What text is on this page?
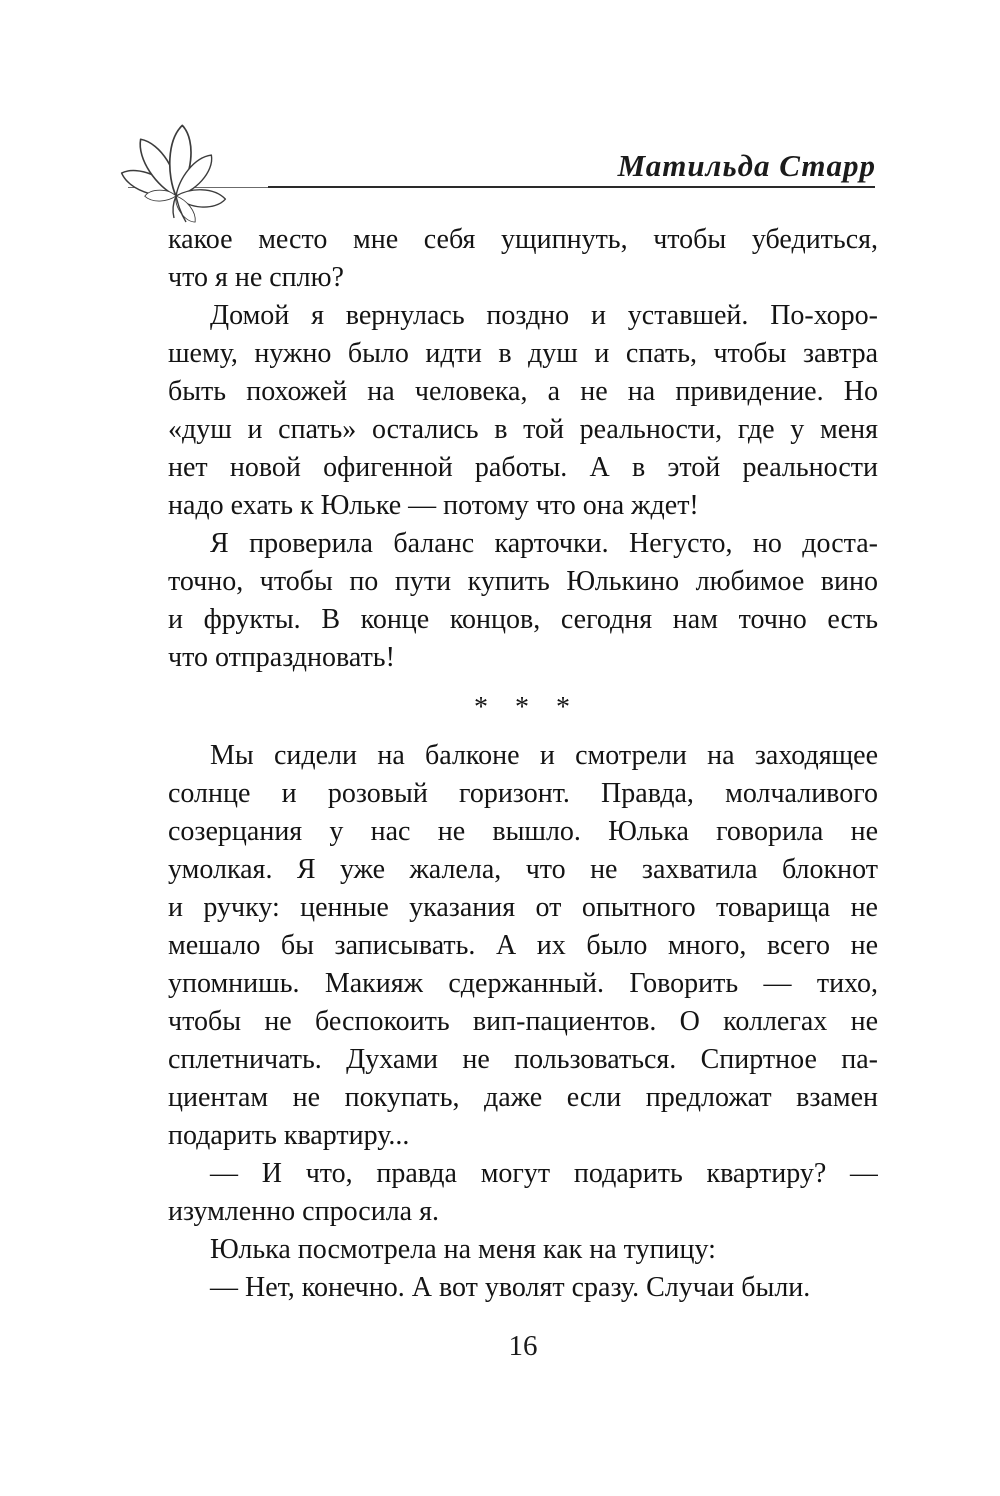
Матильда Старр
какое место мне себя ущипнуть, чтобы убедиться,
что я не сплю?
Домой я вернулась поздно и уставшей. По-хоро-
шему, нужно было идти в душ и спать, чтобы завтра
быть похожей на человека, а не на привидение. Но
«душ и спать» остались в той реальности, где у меня
нет новой офигенной работы. А в этой реальности
надо ехать к Юльке — потому что она ждет!
Я проверила баланс карточки. Негусто, но доста-
точно, чтобы по пути купить Юлькино любимое вино
и фрукты. В конце концов, сегодня нам точно есть
что отпраздновать!
* * *
Мы сидели на балконе и смотрели на заходящее
солнце и розовый горизонт. Правда, молчаливого
созерцания у нас не вышло. Юлька говорила не
умолкая. Я уже жалела, что не захватила блокнот
и ручку: ценные указания от опытного товарища не
мешало бы записывать. А их было много, всего не
упомнишь. Макияж сдержанный. Говорить — тихо,
чтобы не беспокоить вип-пациентов. О коллегах не
сплетничать. Духами не пользоваться. Спиртное па-
циентам не покупать, даже если предложат взамен
подарить квартиру...
— И что, правда могут подарить квартиру? —
изумленно спросила я.
Юлька посмотрела на меня как на тупицу:
— Нет, конечно. А вот уволят сразу. Случаи были.
16
